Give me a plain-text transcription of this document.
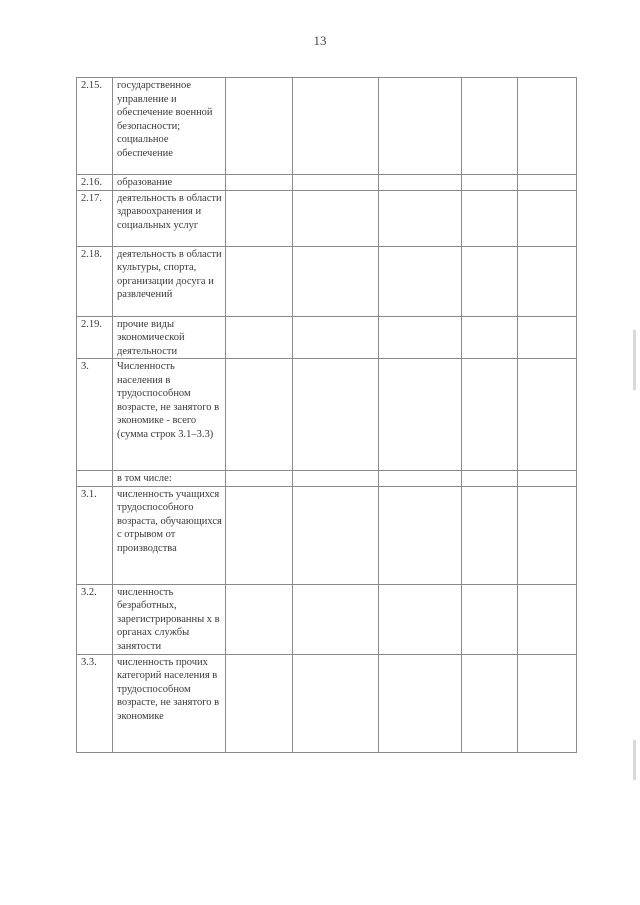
13
2.15.	государственное управление и обеспечение военной безопасности; социальное обеспечение					
2.16.	образование					
2.17.	деятельность в области здравоохранения и социальных услуг					
2.18.	деятельность в области культуры, спорта, организации досуга и развлечений					
2.19.	прочие виды экономической деятельности					
3.	Численность населения в трудоспособном возрасте, не занятого в экономике - всего (сумма строк 3.1–3.3)					
	в том числе:					
3.1.	численность учащихся трудоспособного возраста, обучающихся с отрывом от производства					
3.2.	численность безработных, зарегистрированны х в органах службы занятости					
3.3.	численность прочих категорий населения в трудоспособном возрасте, не занятого в экономике					
